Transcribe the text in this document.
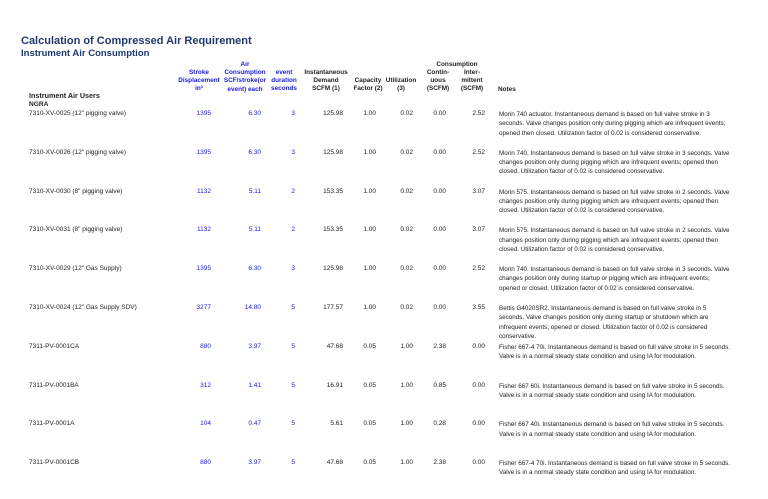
Calculation of Compressed Air Requirement
Instrument Air Consumption
Stroke
Displacement
in³
Air
Consumption
SCF/stroke(or
event) each
event
duration
seconds
Instantaneous
Demand
SCFM (1)
Capacity
Factor (2)
Utilization
(3)
Consumption
Contin-
uous
(SCFM)
Inter-
mittent
(SCFM)	Notes
Instrument Air Users
NGRA
7310-XV-0025 (12" pigging valve)	1395	6.30	3	125.98	1.00	0.02	0.00	2.52 Morin 740 actuator. Instantaneous demand is based on full valve stroke in 3 seconds. Valve changes position only during pigging which are infrequent events; opened then closed. Utilization factor of 0.02 is considered conservative.
7310-XV-0026 (12" pigging valve)	1395	6.30	3	125.98	1.00	0.02	0.00	2.52 Morin 740. Instantaneous demand is based on full valve stroke in 3 seconds. Valve changes position only during pigging which are infrequent events; opened then closed. Utilization factor of 0.02 is considered conservative.
7310-XV-0030 (8" pigging valve)	1132	5.11	2	153.35	1.00	0.02	0.00	3.07 Morin 575. Instantaneous demand is based on full valve stroke in 2 seconds. Valve changes position only during pigging which are infrequent events; opened then closed. Utilization factor of 0.02 is considered conservative.
7310-XV-0031 (8" pigging valve)	1132	5.11	2	153.35	1.00	0.02	0.00	3.07 Morin 575. Instantaneous demand is based on full valve stroke in 2 seconds. Valve changes position only during pigging which are infrequent events; opened then closed. Utilization factor of 0.02 is considered conservative.
7310-XV-0029 (12" Gas Supply)	1395	6.30	3	125.98	1.00	0.02	0.00	2.52 Morin 740. Instantaneous demand is based on full valve stroke in 3 seconds. Valve changes position only during startup or pigging which are infrequent events; opened or closed. Utilization factor of 0.02 is considered conservative.
7310-XV-0024 (12" Gas Supply SDV)	3277	14.80	5	177.57	1.00	0.02	0.00	3.55 Bettis G4020SR2. Instantaneous demand is based on full valve stroke in 5 seconds. Valve changes position only during startup or shutdown which are infrequent events; opened or closed. Utilization factor of 0.02 is considered conservative.
7311-PV-0001CA	880	3.97	5	47.68	0.05	1.00	2.38	0.00 Fisher 667-4 70i. Instantaneous demand is based on full valve stroke in 5 seconds. Valve is in a normal steady state condition and using IA for modulation.
7311-PV-0001BA	312	1.41	5	16.91	0.05	1.00	0.85	0.00 Fisher 667 60i. Instantaneous demand is based on full valve stroke in 5 seconds. Valve is in a normal steady state condition and using IA for modulation.
7311-PV-0001A	104	0.47	5	5.61	0.05	1.00	0.28	0.00 Fisher 667 40i. Instantaneous demand is based on full valve stroke in 5 seconds. Valve is in a normal steady state condition and using IA for modulation.
7311-PV-0001CB	880	3.97	5	47.68	0.05	1.00	2.38	0.00 Fisher 667-4 70i. Instantaneous demand is based on full valve stroke in 5 seconds. Valve is in a normal steady state condition and using IA for modulation.
